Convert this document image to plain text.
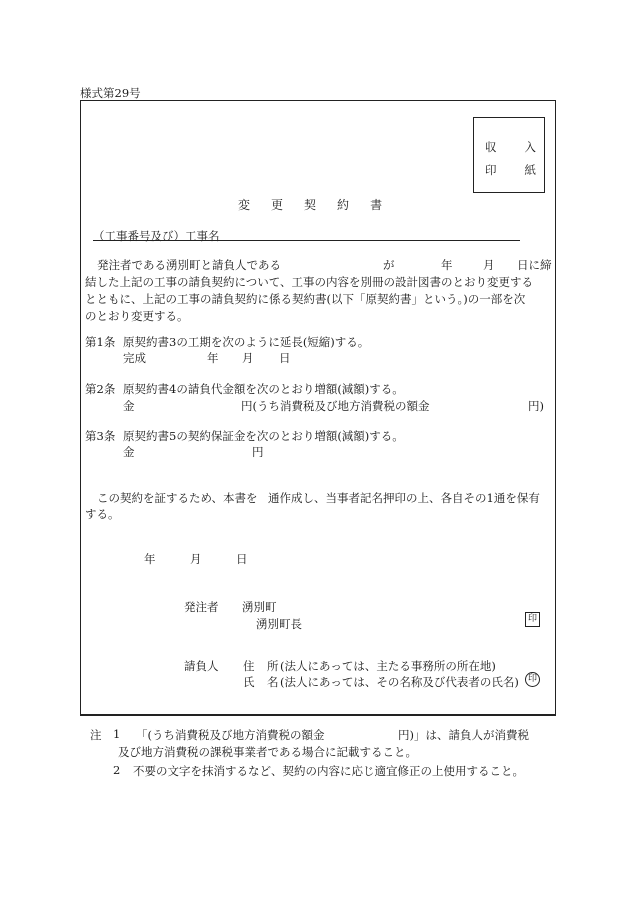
様式第29号
収 入
印 紙
変 更 契 約 書
（工事番号及び）工事名
発注者である湧別町と請負人である	が	年	月 日に締
結した上記の工事の請負契約について、工事の内容を別冊の設計図書のとおり変更する
とともに、上記の工事の請負契約に係る契約書(以下「原契約書」という。)の一部を次
のとおり変更する。
第1条 原契約書3の工期を次のように延長(短縮)する。
完成	年 月 日
第2条 原契約書4の請負代金額を次のとおり増額(減額)する。
金	円(うち消費税及び地方消費税の額金	円)
第3条 原契約書5の契約保証金を次のとおり増額(減額)する。
金	円
この契約を証するため、本書を 通作成し、当事者記名押印の上、各自その1通を保有
する。
年	月	日
発注者 湧別町
湧別町長	印
請負人 住 所 (法人にあっては、主たる事務所の所在地)
氏 名 (法人にあっては、その名称及び代表者の氏名)	印
注 1 「(うち消費税及び地方消費税の額金	円)」は、請負人が消費税
及び地方消費税の課税事業者である場合に記載すること。
2 不要の文字を抹消するなど、契約の内容に応じ適宜修正の上使用すること。
